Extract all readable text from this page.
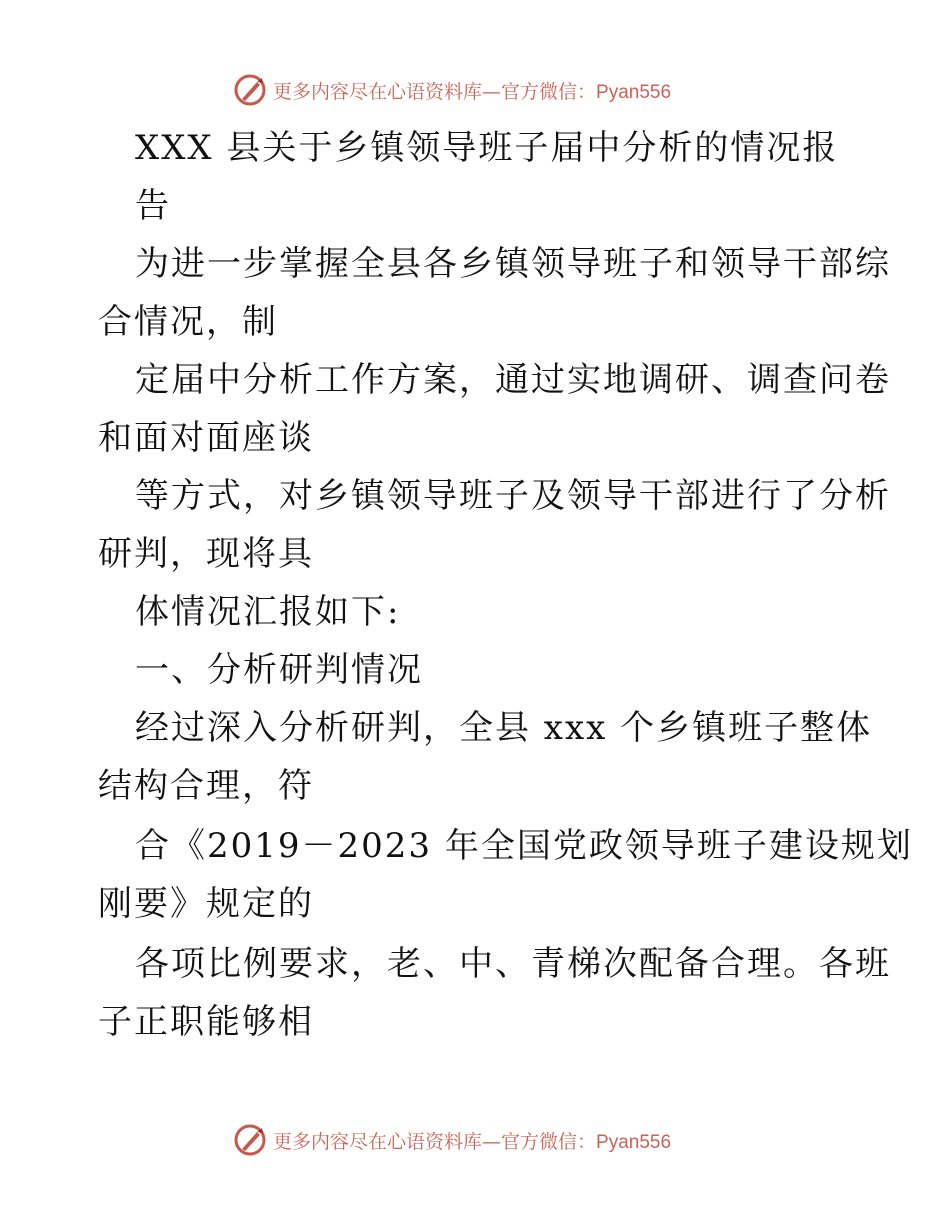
更多内容尽在心语资料库—官方微信：Pyan556
XXX 县关于乡镇领导班子届中分析的情况报
告
为进一步掌握全县各乡镇领导班子和领导干部综
合情况，制
定届中分析工作方案，通过实地调研、调查问卷
和面对面座谈
等方式，对乡镇领导班子及领导干部进行了分析
研判，现将具
体情况汇报如下:
一、分析研判情况
经过深入分析研判，全县 xxx 个乡镇班子整体
结构合理，符
合《2019－2023 年全国党政领导班子建设规划
刚要》规定的
各项比例要求，老、中、青梯次配备合理。各班
子正职能够相
更多内容尽在心语资料库—官方微信：Pyan556
